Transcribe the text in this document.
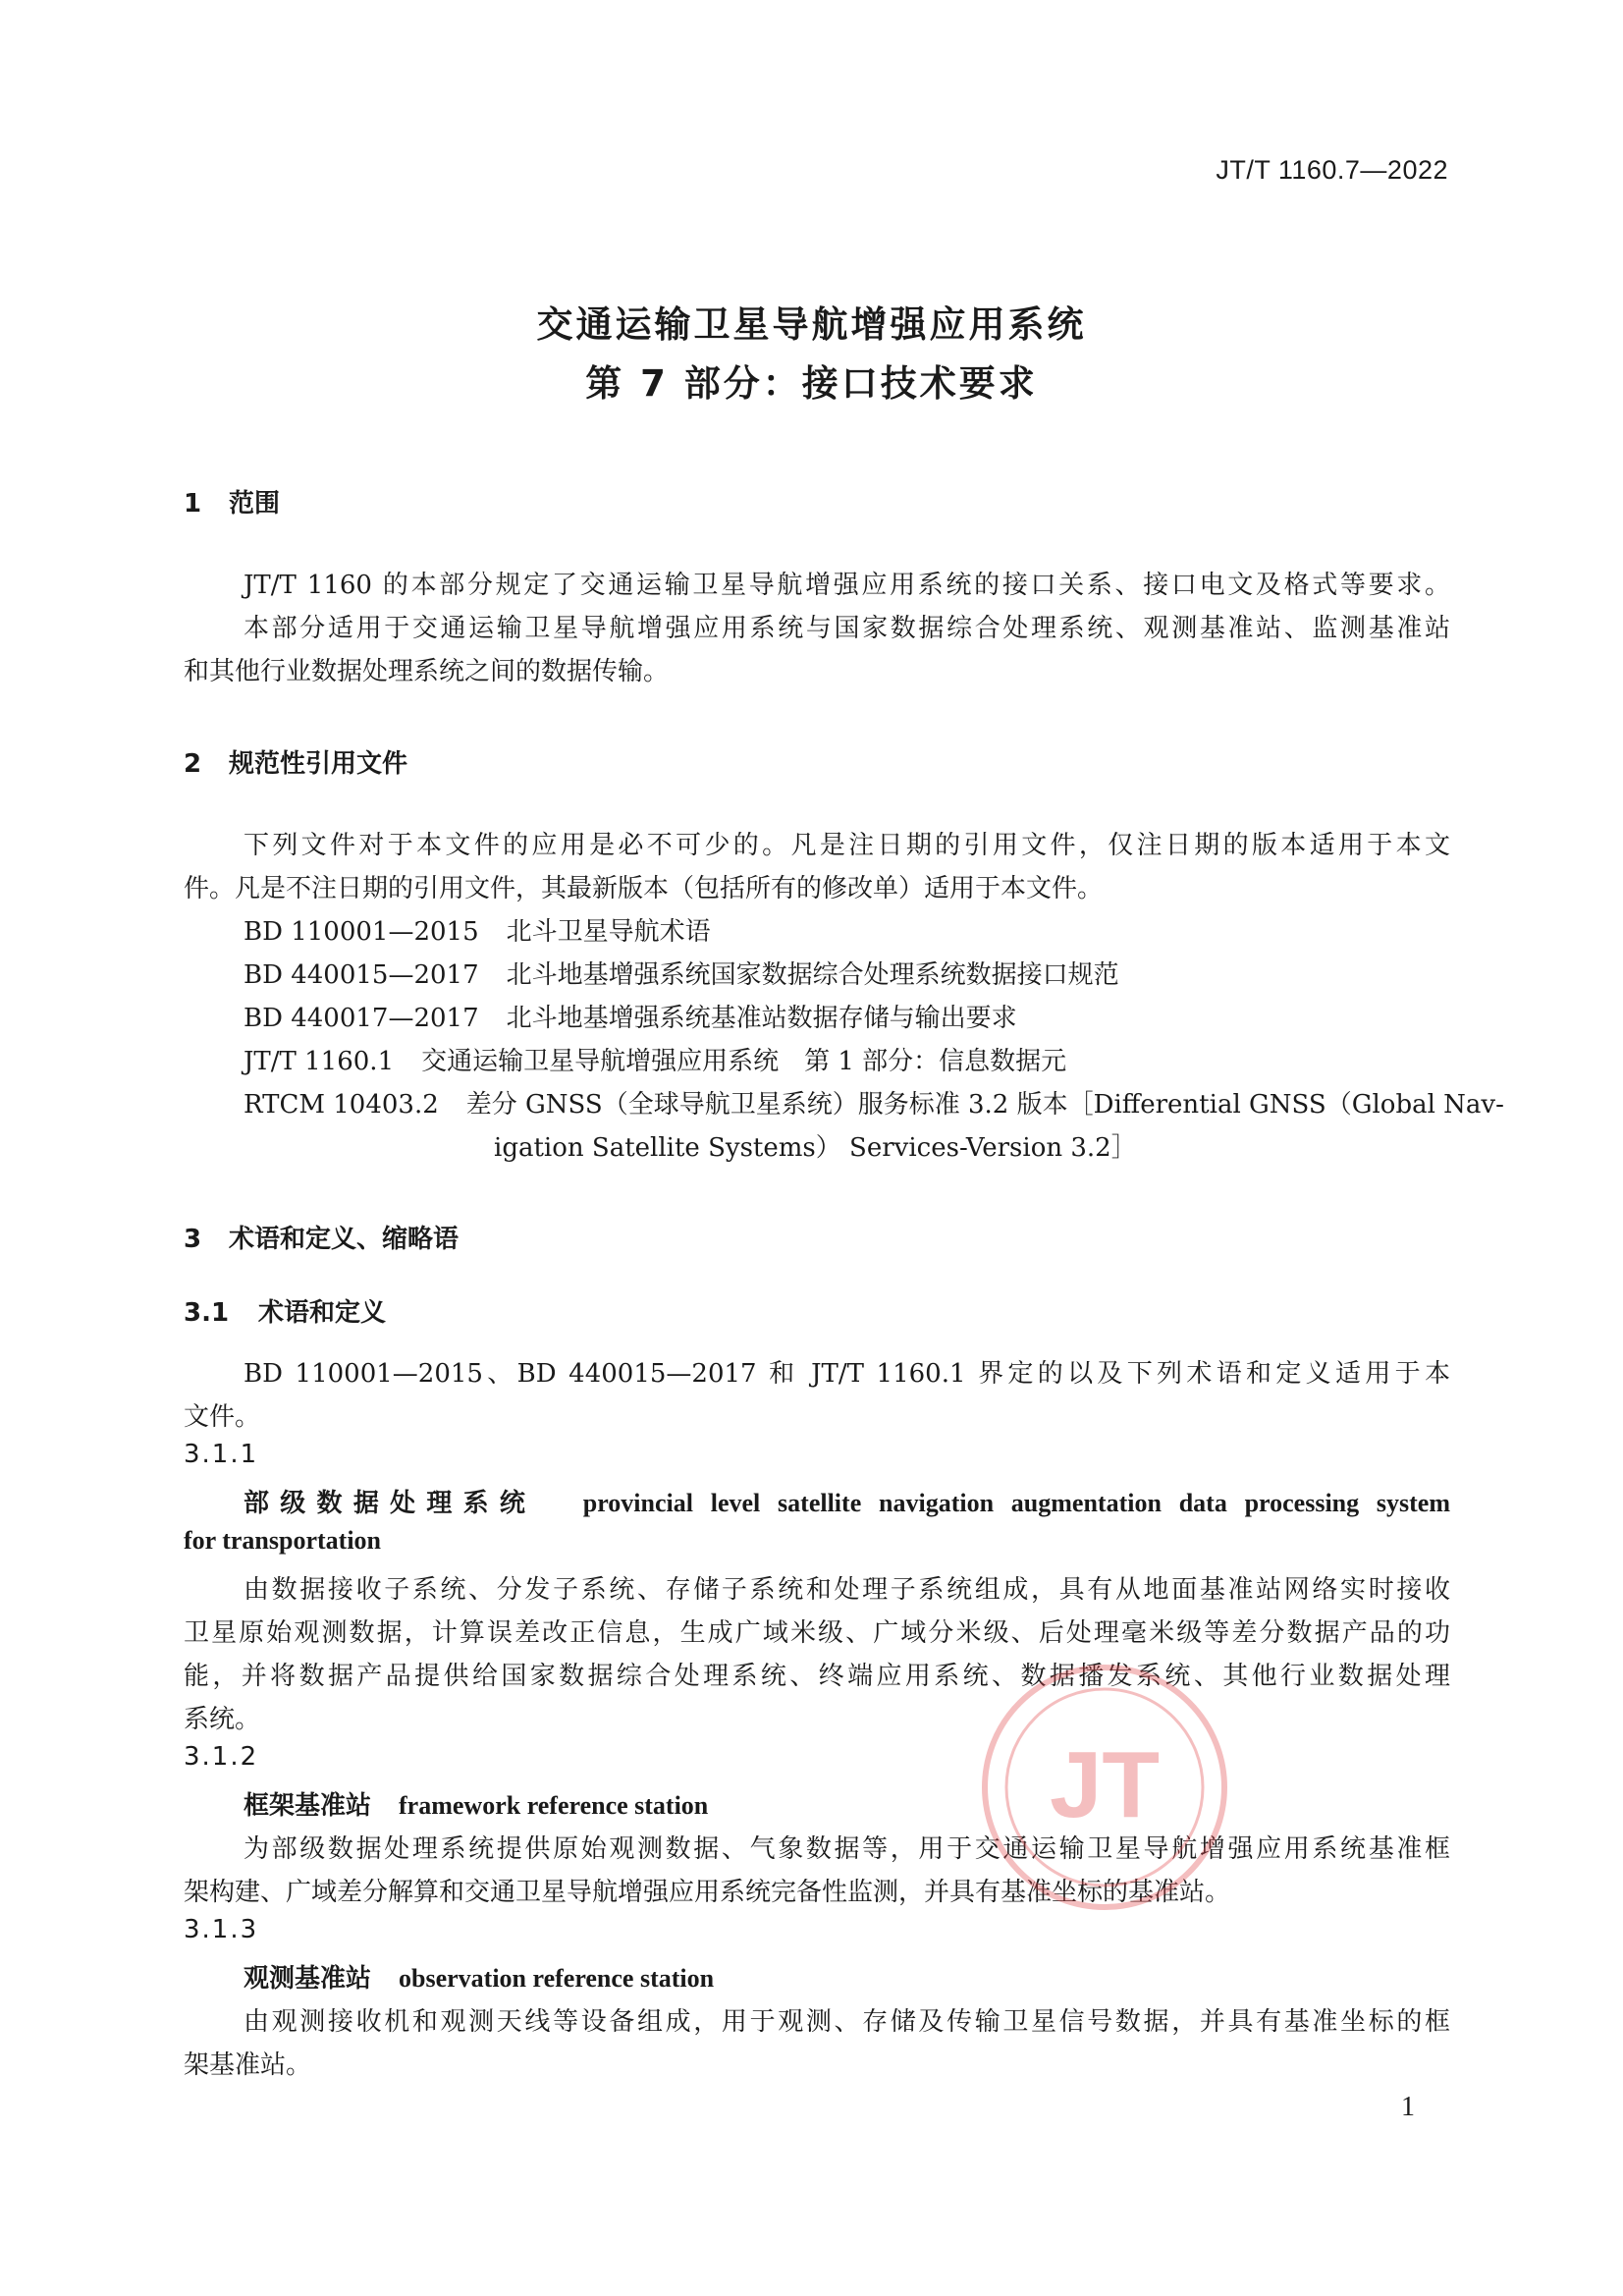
JT/T 1160.7—2022
交通运输卫星导航增强应用系统
第 7 部分：接口技术要求
1 范围
JT/T 1160 的本部分规定了交通运输卫星导航增强应用系统的接口关系、接口电文及格式等要求。
本部分适用于交通运输卫星导航增强应用系统与国家数据综合处理系统、观测基准站、监测基准站
和其他行业数据处理系统之间的数据传输。
2 规范性引用文件
下列文件对于本文件的应用是必不可少的。凡是注日期的引用文件，仅注日期的版本适用于本文
件。凡是不注日期的引用文件，其最新版本（包括所有的修改单）适用于本文件。
BD 110001—2015 北斗卫星导航术语
BD 440015—2017 北斗地基增强系统国家数据综合处理系统数据接口规范
BD 440017—2017 北斗地基增强系统基准站数据存储与输出要求
JT/T 1160.1 交通运输卫星导航增强应用系统　第 1 部分：信息数据元
RTCM 10403.2 差分 GNSS（全球导航卫星系统）服务标准 3.2 版本［Differential GNSS（Global Nav-
igation Satellite Systems） Services-Version 3.2］
3 术语和定义、缩略语
3.1 术语和定义
BD 110001—2015、BD 440015—2017 和 JT/T 1160.1 界定的以及下列术语和定义适用于本
文件。
3.1.1
部级数据处理系统 provincial level satellite navigation augmentation data processing system
for transportation
由数据接收子系统、分发子系统、存储子系统和处理子系统组成，具有从地面基准站网络实时接收
卫星原始观测数据，计算误差改正信息，生成广域米级、广域分米级、后处理毫米级等差分数据产品的功
能，并将数据产品提供给国家数据综合处理系统、终端应用系统、数据播发系统、其他行业数据处理
系统。
3.1.2
框架基准站 framework reference station
为部级数据处理系统提供原始观测数据、气象数据等，用于交通运输卫星导航增强应用系统基准框
架构建、广域差分解算和交通卫星导航增强应用系统完备性监测，并具有基准坐标的基准站。
3.1.3
观测基准站 observation reference station
由观测接收机和观测天线等设备组成，用于观测、存储及传输卫星信号数据，并具有基准坐标的框
架基准站。
JT
1
